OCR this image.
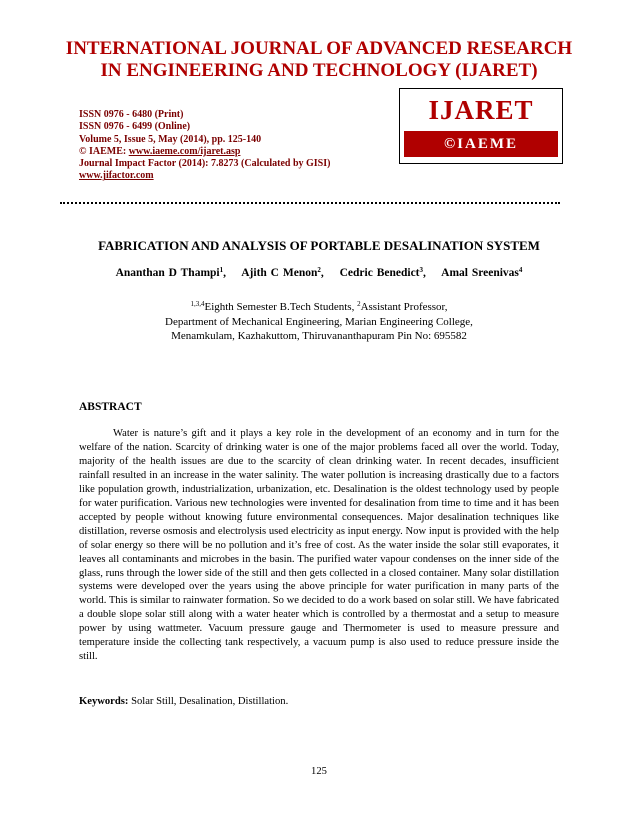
INTERNATIONAL JOURNAL OF ADVANCED RESEARCH
IN ENGINEERING AND TECHNOLOGY (IJARET)
ISSN 0976 - 6480 (Print)
ISSN 0976 - 6499 (Online)
Volume 5, Issue 5, May (2014), pp. 125-140
© IAEME: www.iaeme.com/ijaret.asp
Journal Impact Factor (2014): 7.8273 (Calculated by GISI)
www.jifactor.com
IJARET
©IAEME
FABRICATION AND ANALYSIS OF PORTABLE DESALINATION SYSTEM
Ananthan D Thampi$^1$, Ajith C Menon$^2$, Cedric Benedict$^3$, Amal Sreenivas$^4$
$^{1,3,4}$Eighth Semester B.Tech Students, $^2$Assistant Professor,
Department of Mechanical Engineering, Marian Engineering College,
Menamkulam, Kazhakuttom, Thiruvananthapuram Pin No: 695582
ABSTRACT

Water is nature’s gift and it plays a key role in the development of an economy and in turn for the welfare of the nation. Scarcity of drinking water is one of the major problems faced all over the world. Today, majority of the health issues are due to the scarcity of clean drinking water. In recent decades, insufficient rainfall resulted in an increase in the water salinity. The water pollution is increasing drastically due to a factors like population growth, industrialization, urbanization, etc. Desalination is the oldest technology used by people for water purification. Various new technologies were invented for desalination from time to time and it has been accepted by people without knowing future environmental consequences. Major desalination techniques like distillation, reverse osmosis and electrolysis used electricity as input energy. Now input is provided with the help of solar energy so there will be no pollution and it’s free of cost. As the water inside the solar still evaporates, it leaves all contaminants and microbes in the basin. The purified water vapour condenses on the inner side of the glass, runs through the lower side of the still and then gets collected in a closed container. Many solar distillation systems were developed over the years using the above principle for water purification in many parts of the world. This is similar to rainwater formation. So we decided to do a work based on solar still. We have fabricated a double slope solar still along with a water heater which is controlled by a thermostat and a setup to measure power by using wattmeter. Vacuum pressure gauge and Thermometer is used to measure pressure and temperature inside the collecting tank respectively, a vacuum pump is also used to reduce pressure inside the still.

Keywords: Solar Still, Desalination, Distillation.
125
